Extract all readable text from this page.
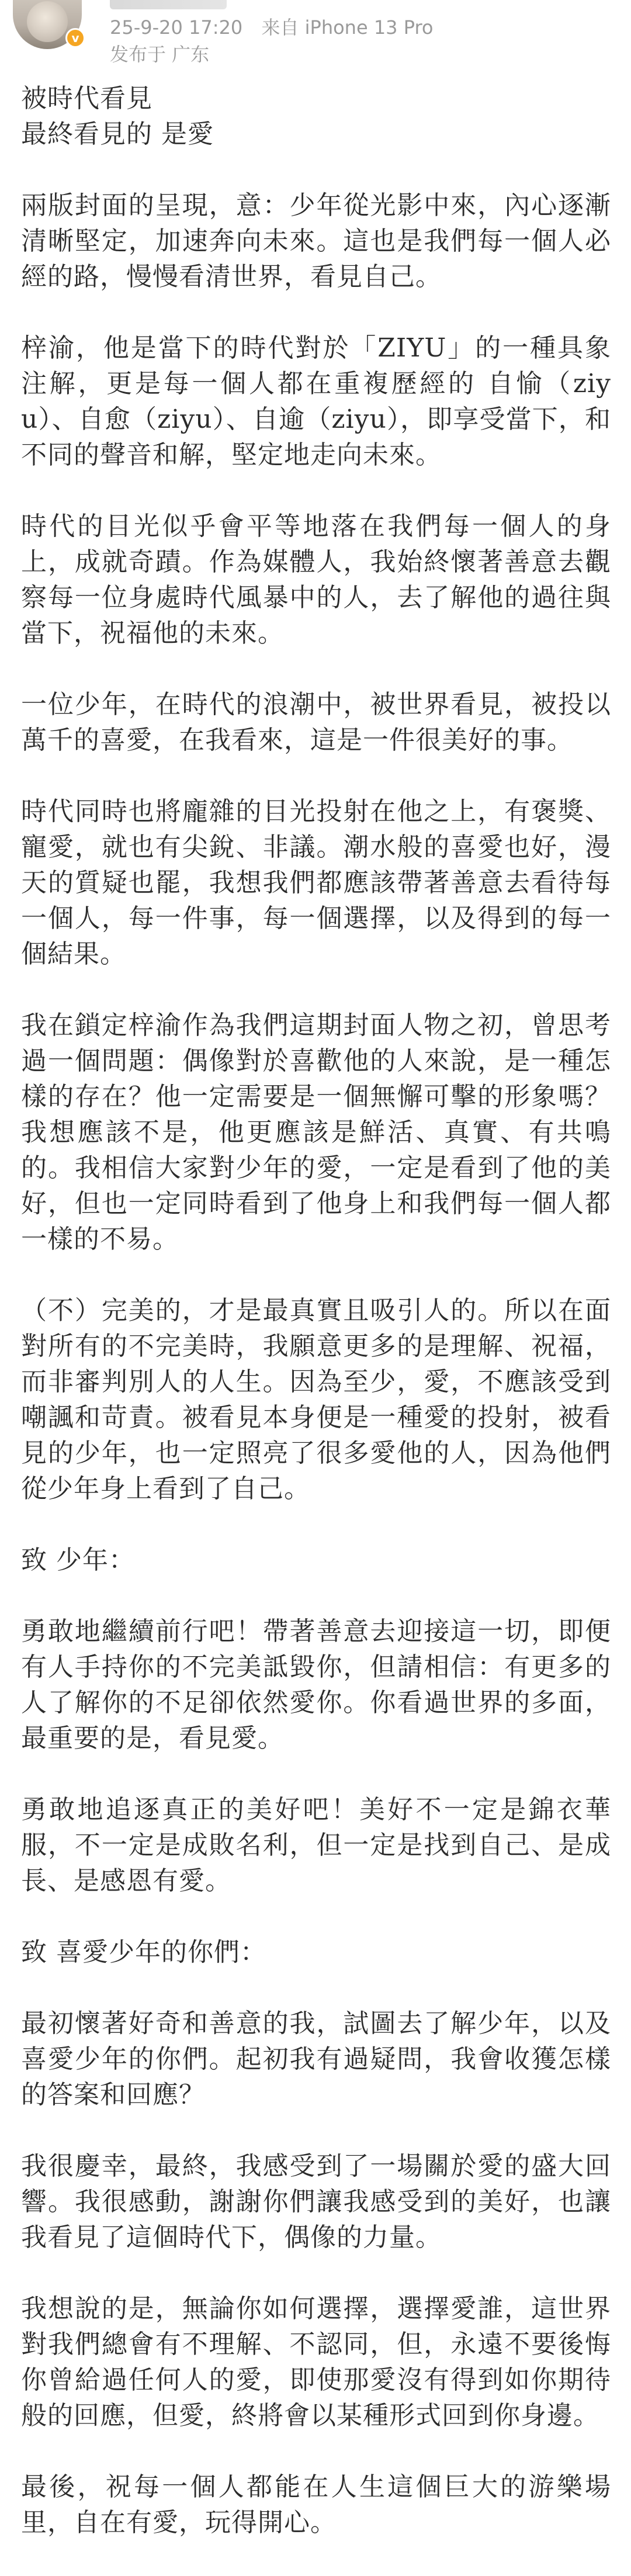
v	25-9-20 17:20 来自 iPhone 13 Pro
发布于 广东

被時代看見

最終看見的 是愛

兩版封面的呈現，意：少年從光影中來，內心逐漸清晰堅定，加速奔向未來。這也是我們每一個人必經的路，慢慢看清世界，看見自己。

梓渝，他是當下的時代對於「ZIYU」的一種具象注解，更是每一個人都在重複歷經的 自愉（ziyu）、自愈（ziyu）、自逾（ziyu），即享受當下，和不同的聲音和解，堅定地走向未來。

時代的目光似乎會平等地落在我們每一個人的身上，成就奇蹟。作為媒體人，我始終懷著善意去觀察每一位身處時代風暴中的人，去了解他的過往與當下，祝福他的未來。

一位少年，在時代的浪潮中，被世界看見，被投以萬千的喜愛，在我看來，這是一件很美好的事。

時代同時也將龐雜的目光投射在他之上，有褒獎、寵愛，就也有尖銳、非議。潮水般的喜愛也好，漫天的質疑也罷，我想我們都應該帶著善意去看待每一個人，每一件事，每一個選擇，以及得到的每一個結果。

我在鎖定梓渝作為我們這期封面人物之初，曾思考過一個問題：偶像對於喜歡他的人來說，是一種怎樣的存在？他一定需要是一個無懈可擊的形象嗎？我想應該不是，他更應該是鮮活、真實、有共鳴的。我相信大家對少年的愛，一定是看到了他的美好，但也一定同時看到了他身上和我們每一個人都一樣的不易。

（不）完美的，才是最真實且吸引人的。所以在面對所有的不完美時，我願意更多的是理解、祝福，而非審判別人的人生。因為至少，愛，不應該受到嘲諷和苛責。被看見本身便是一種愛的投射，被看見的少年，也一定照亮了很多愛他的人，因為他們從少年身上看到了自己。

致 少年：

勇敢地繼續前行吧！帶著善意去迎接這一切，即便有人手持你的不完美詆毀你，但請相信：有更多的人了解你的不足卻依然愛你。你看過世界的多面，最重要的是，看見愛。

勇敢地追逐真正的美好吧！美好不一定是錦衣華服，不一定是成敗名利，但一定是找到自己、是成長、是感恩有愛。

致 喜愛少年的你們：

最初懷著好奇和善意的我，試圖去了解少年，以及喜愛少年的你們。起初我有過疑問，我會收獲怎樣的答案和回應？

我很慶幸，最終，我感受到了一場關於愛的盛大回響。我很感動，謝謝你們讓我感受到的美好，也讓我看見了這個時代下，偶像的力量。

我想說的是，無論你如何選擇，選擇愛誰，這世界對我們總會有不理解、不認同，但，永遠不要後悔你曾給過任何人的愛，即使那愛沒有得到如你期待般的回應，但愛，終將會以某種形式回到你身邊。

最後，祝每一個人都能在人生這個巨大的游樂場里，自在有愛，玩得開心。
